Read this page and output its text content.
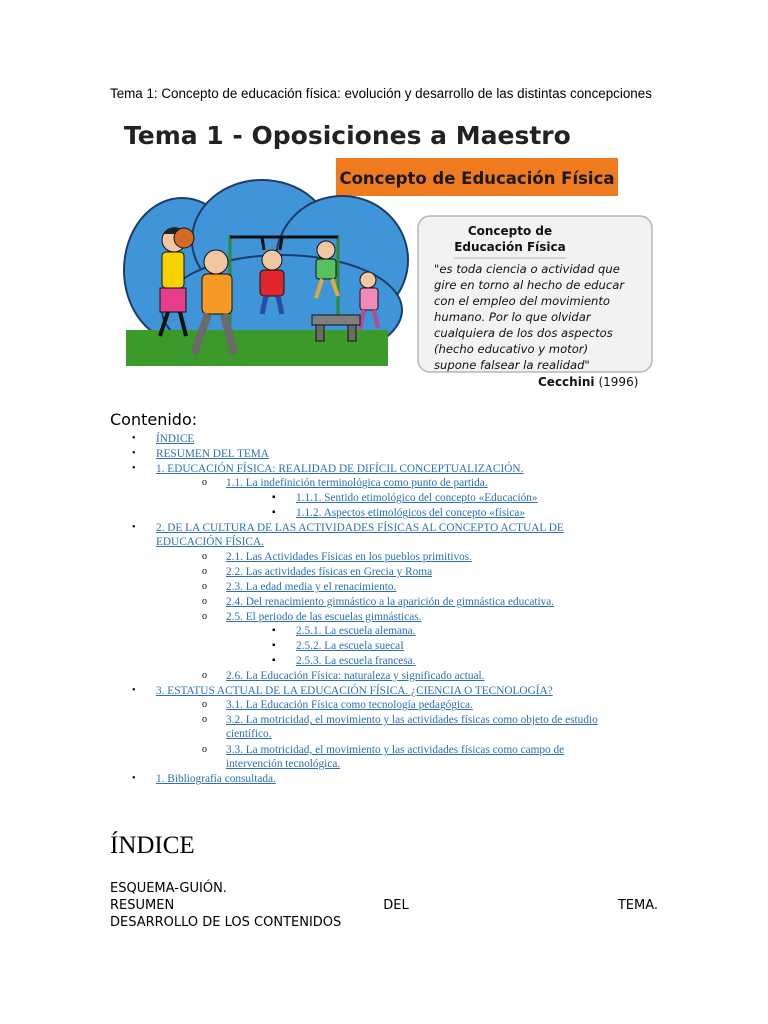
Tema 1: Concepto de educación física: evolución y desarrollo de las distintas concepciones
Tema 1 - Oposiciones a Maestro
Concepto de Educación Física
Concepto de
Educación Física
"es toda ciencia o actividad que
gire en torno al hecho de educar
con el empleo del movimiento
humano. Por lo que olvidar
cualquiera de los dos aspectos
(hecho educativo y motor)
supone falsear la realidad"
Cecchini (1996)
Contenido:
• ÍNDICE
• RESUMEN DEL TEMA
• 1. EDUCACIÓN FÍSICA: REALIDAD DE DIFÍCIL CONCEPTUALIZACIÓN.
o 1.1. La indefinición terminológica como punto de partida.
▪ 1.1.1. Sentido etimológico del concepto «Educación»
▪ 1.1.2. Aspectos etimológicos del concepto «física»
• 2. DE LA CULTURA DE LAS ACTIVIDADES FÍSICAS AL CONCEPTO ACTUAL DE
EDUCACIÓN FÍSICA.
o 2.1. Las Actividades Físicas en los pueblos primitivos.
o 2.2. Las actividades físicas en Grecia y Roma
o 2.3. La edad media y el renacimiento.
o 2.4. Del renacimiento gimnástico a la aparición de gimnástica educativa.
o 2.5. El periodo de las escuelas gimnásticas.
▪ 2.5.1. La escuela alemana.
▪ 2.5.2. La escuela suecaI
▪ 2.5.3. La escuela francesa.
o 2.6. La Educación Física: naturaleza y significado actual.
• 3. ESTATUS ACTUAL DE LA EDUCACIÓN FÍSICA. ¿CIENCIA O TECNOLOGÍA?
o 3.1. La Educación Física como tecnología pedagógica.
o 3.2. La motricidad, el movimiento y las actividades físicas como objeto de estudio
científico.
o 3.3. La motricidad, el movimiento y las actividades físicas como campo de
intervención tecnológica.
• 1. Bibliografía consultada.
ÍNDICE
ESQUEMA-GUIÓN.
RESUMEN	DEL	TEMA.
DESARROLLO DE LOS CONTENIDOS
